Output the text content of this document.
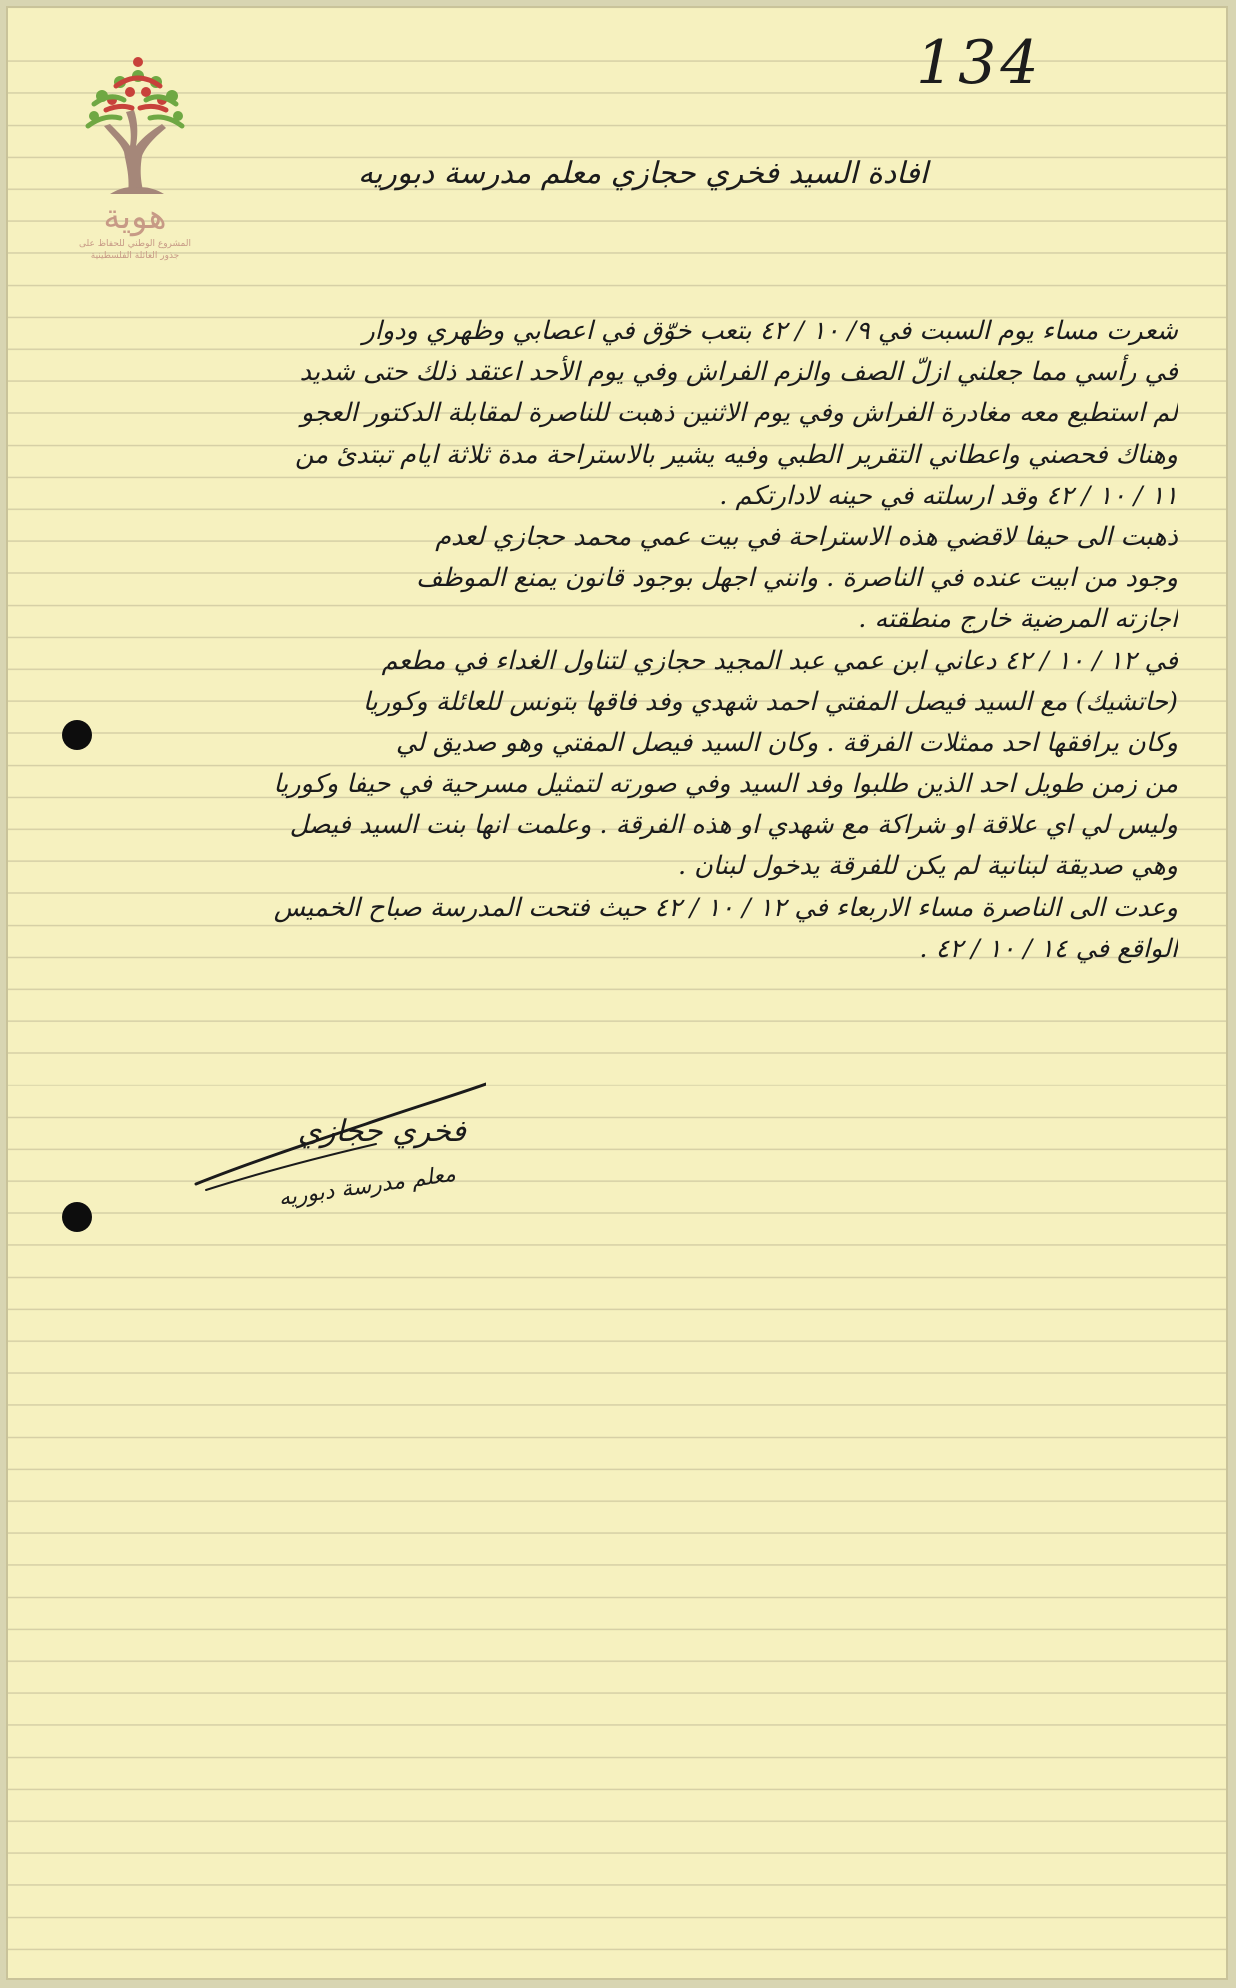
134
هوية
المشروع الوطني للحفاظ على
جذور العائلة الفلسطينية
افادة السيد فخري حجازي معلم مدرسة دبوريه
شعرت مساء يوم السبت في ٩/ ١٠ / ٤٢ بتعب خوّق في اعصابي وظهري ودوار
في رأسي مما جعلني ازلّ الصف والزم الفراش وفي يوم الأحد اعتقد ذلك حتى شديد
لم استطيع معه مغادرة الفراش وفي يوم الاثنين ذهبت للناصرة لمقابلة الدكتور العجو
وهناك فحصني واعطاني التقرير الطبي وفيه يشير بالاستراحة مدة ثلاثة ايام تبتدئ من
١١ / ١٠ / ٤٢ وقد ارسلته في حينه لادارتكم .
ذهبت الى حيفا لاقضي هذه الاستراحة في بيت عمي محمد حجازي لعدم
وجود من ابيت عنده في الناصرة . وانني اجهل بوجود قانون يمنع الموظف
اجازته المرضية خارج منطقته .
في ١٢ / ١٠ / ٤٢ دعاني ابن عمي عبد المجيد حجازي لتناول الغداء في مطعم
(حاتشيك) مع السيد فيصل المفتي احمد شهدي وفد فاقها بتونس للعائلة وكوريا
وكان يرافقها احد ممثلات الفرقة . وكان السيد فيصل المفتي وهو صديق لي
من زمن طويل احد الذين طلبوا وفد السيد وفي صورته لتمثيل مسرحية في حيفا وكوريا
وليس لي اي علاقة او شراكة مع شهدي او هذه الفرقة . وعلمت انها بنت السيد فيصل
وهي صديقة لبنانية لم يكن للفرقة يدخول لبنان .
وعدت الى الناصرة مساء الاربعاء في ١٢ / ١٠ / ٤٢ حيث فتحت المدرسة صباح الخميس
الواقع في ١٤ / ١٠ / ٤٢ .
فخري حجازي
معلم مدرسة دبوريه
